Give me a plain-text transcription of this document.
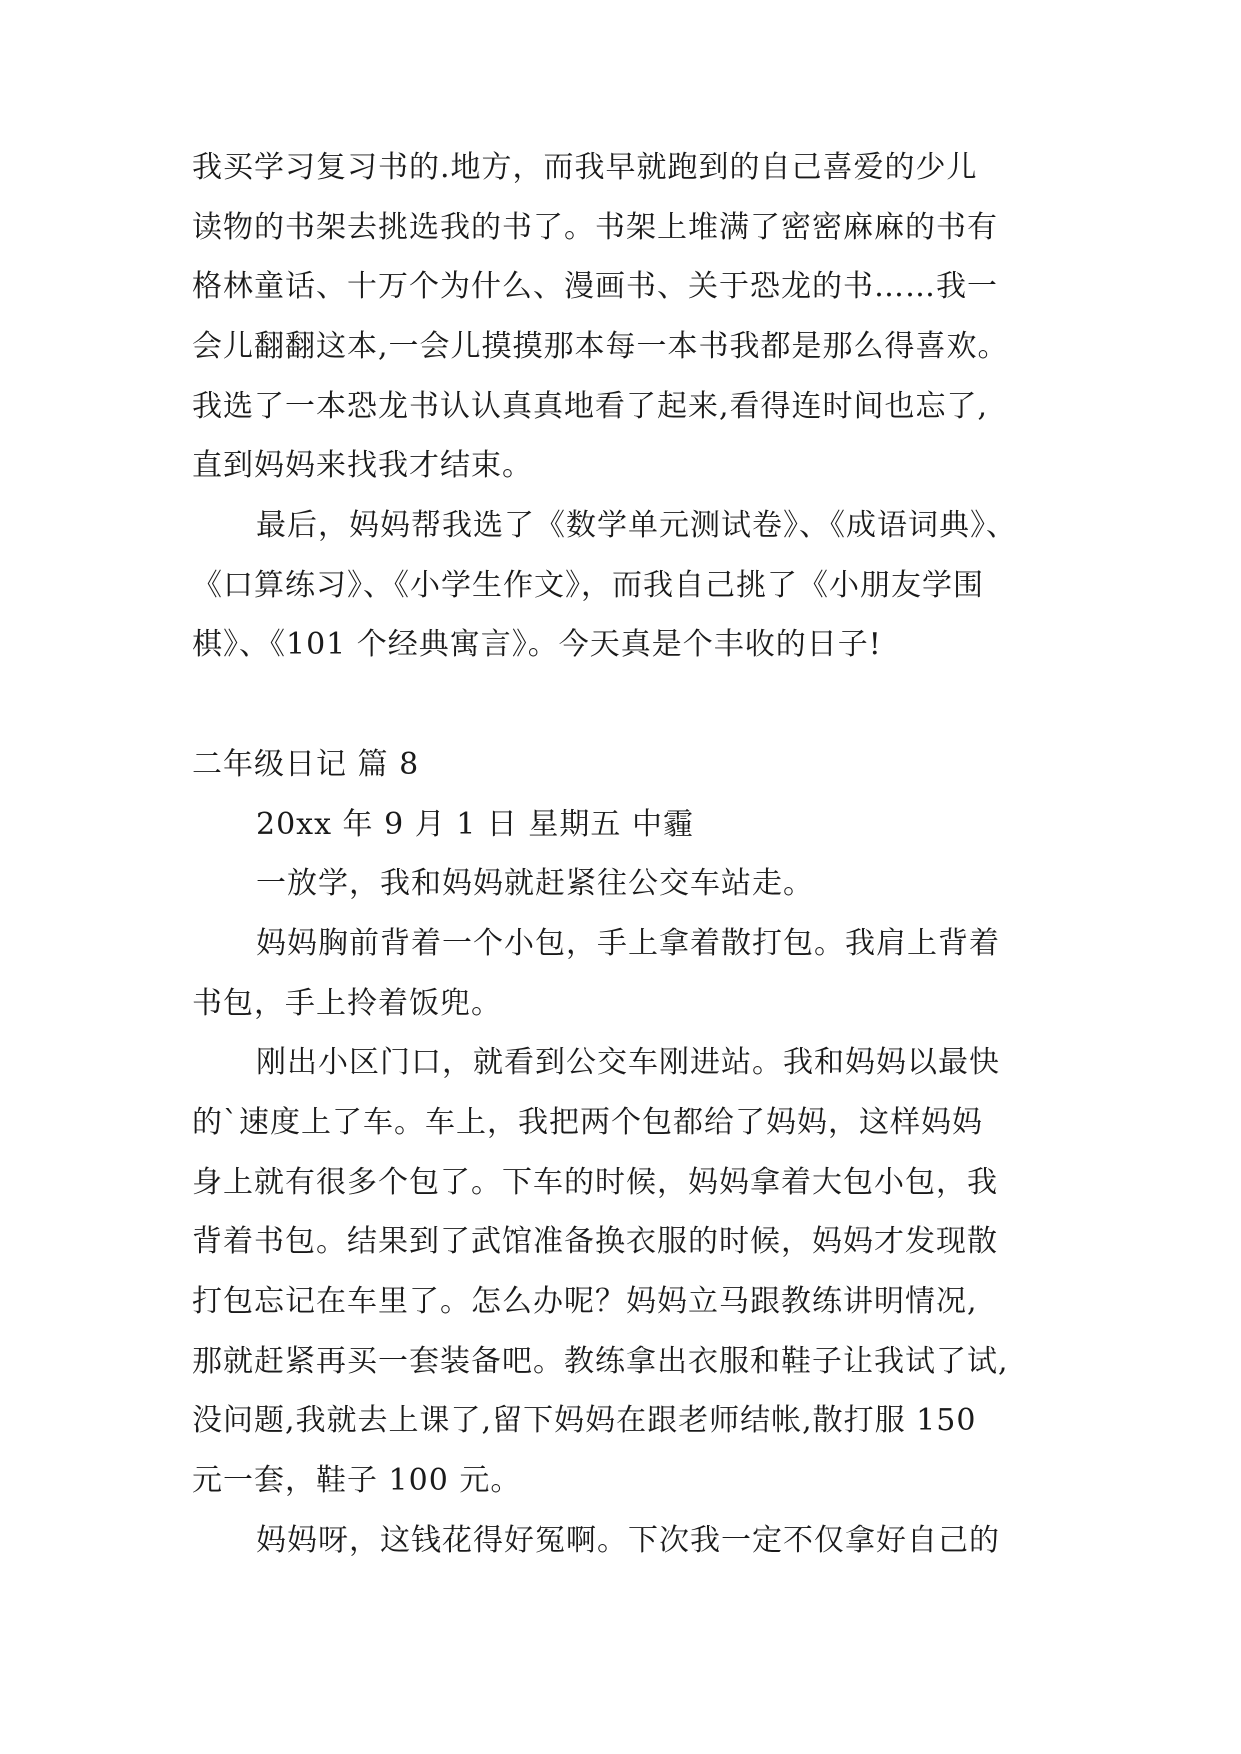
我买学习复习书的.地方，而我早就跑到的自己喜爱的少儿
读物的书架去挑选我的书了。书架上堆满了密密麻麻的书有
格林童话、十万个为什么、漫画书、关于恐龙的书……我一
会儿翻翻这本,一会儿摸摸那本每一本书我都是那么得喜欢。
我选了一本恐龙书认认真真地看了起来,看得连时间也忘了,
直到妈妈来找我才结束。
最后，妈妈帮我选了《数学单元测试卷》、《成语词典》、
《口算练习》、《小学生作文》，而我自己挑了《小朋友学围
棋》、《101 个经典寓言》。今天真是个丰收的日子!
二年级日记 篇 8
20xx 年 9 月 1 日 星期五 中霾
一放学，我和妈妈就赶紧往公交车站走。
妈妈胸前背着一个小包，手上拿着散打包。我肩上背着
书包，手上拎着饭兜。
刚出小区门口，就看到公交车刚进站。我和妈妈以最快
的`速度上了车。车上，我把两个包都给了妈妈，这样妈妈
身上就有很多个包了。下车的时候，妈妈拿着大包小包，我
背着书包。结果到了武馆准备换衣服的时候，妈妈才发现散
打包忘记在车里了。怎么办呢？妈妈立马跟教练讲明情况,
那就赶紧再买一套装备吧。教练拿出衣服和鞋子让我试了试,
没问题,我就去上课了,留下妈妈在跟老师结帐,散打服 150
元一套，鞋子 100 元。
妈妈呀，这钱花得好冤啊。下次我一定不仅拿好自己的
